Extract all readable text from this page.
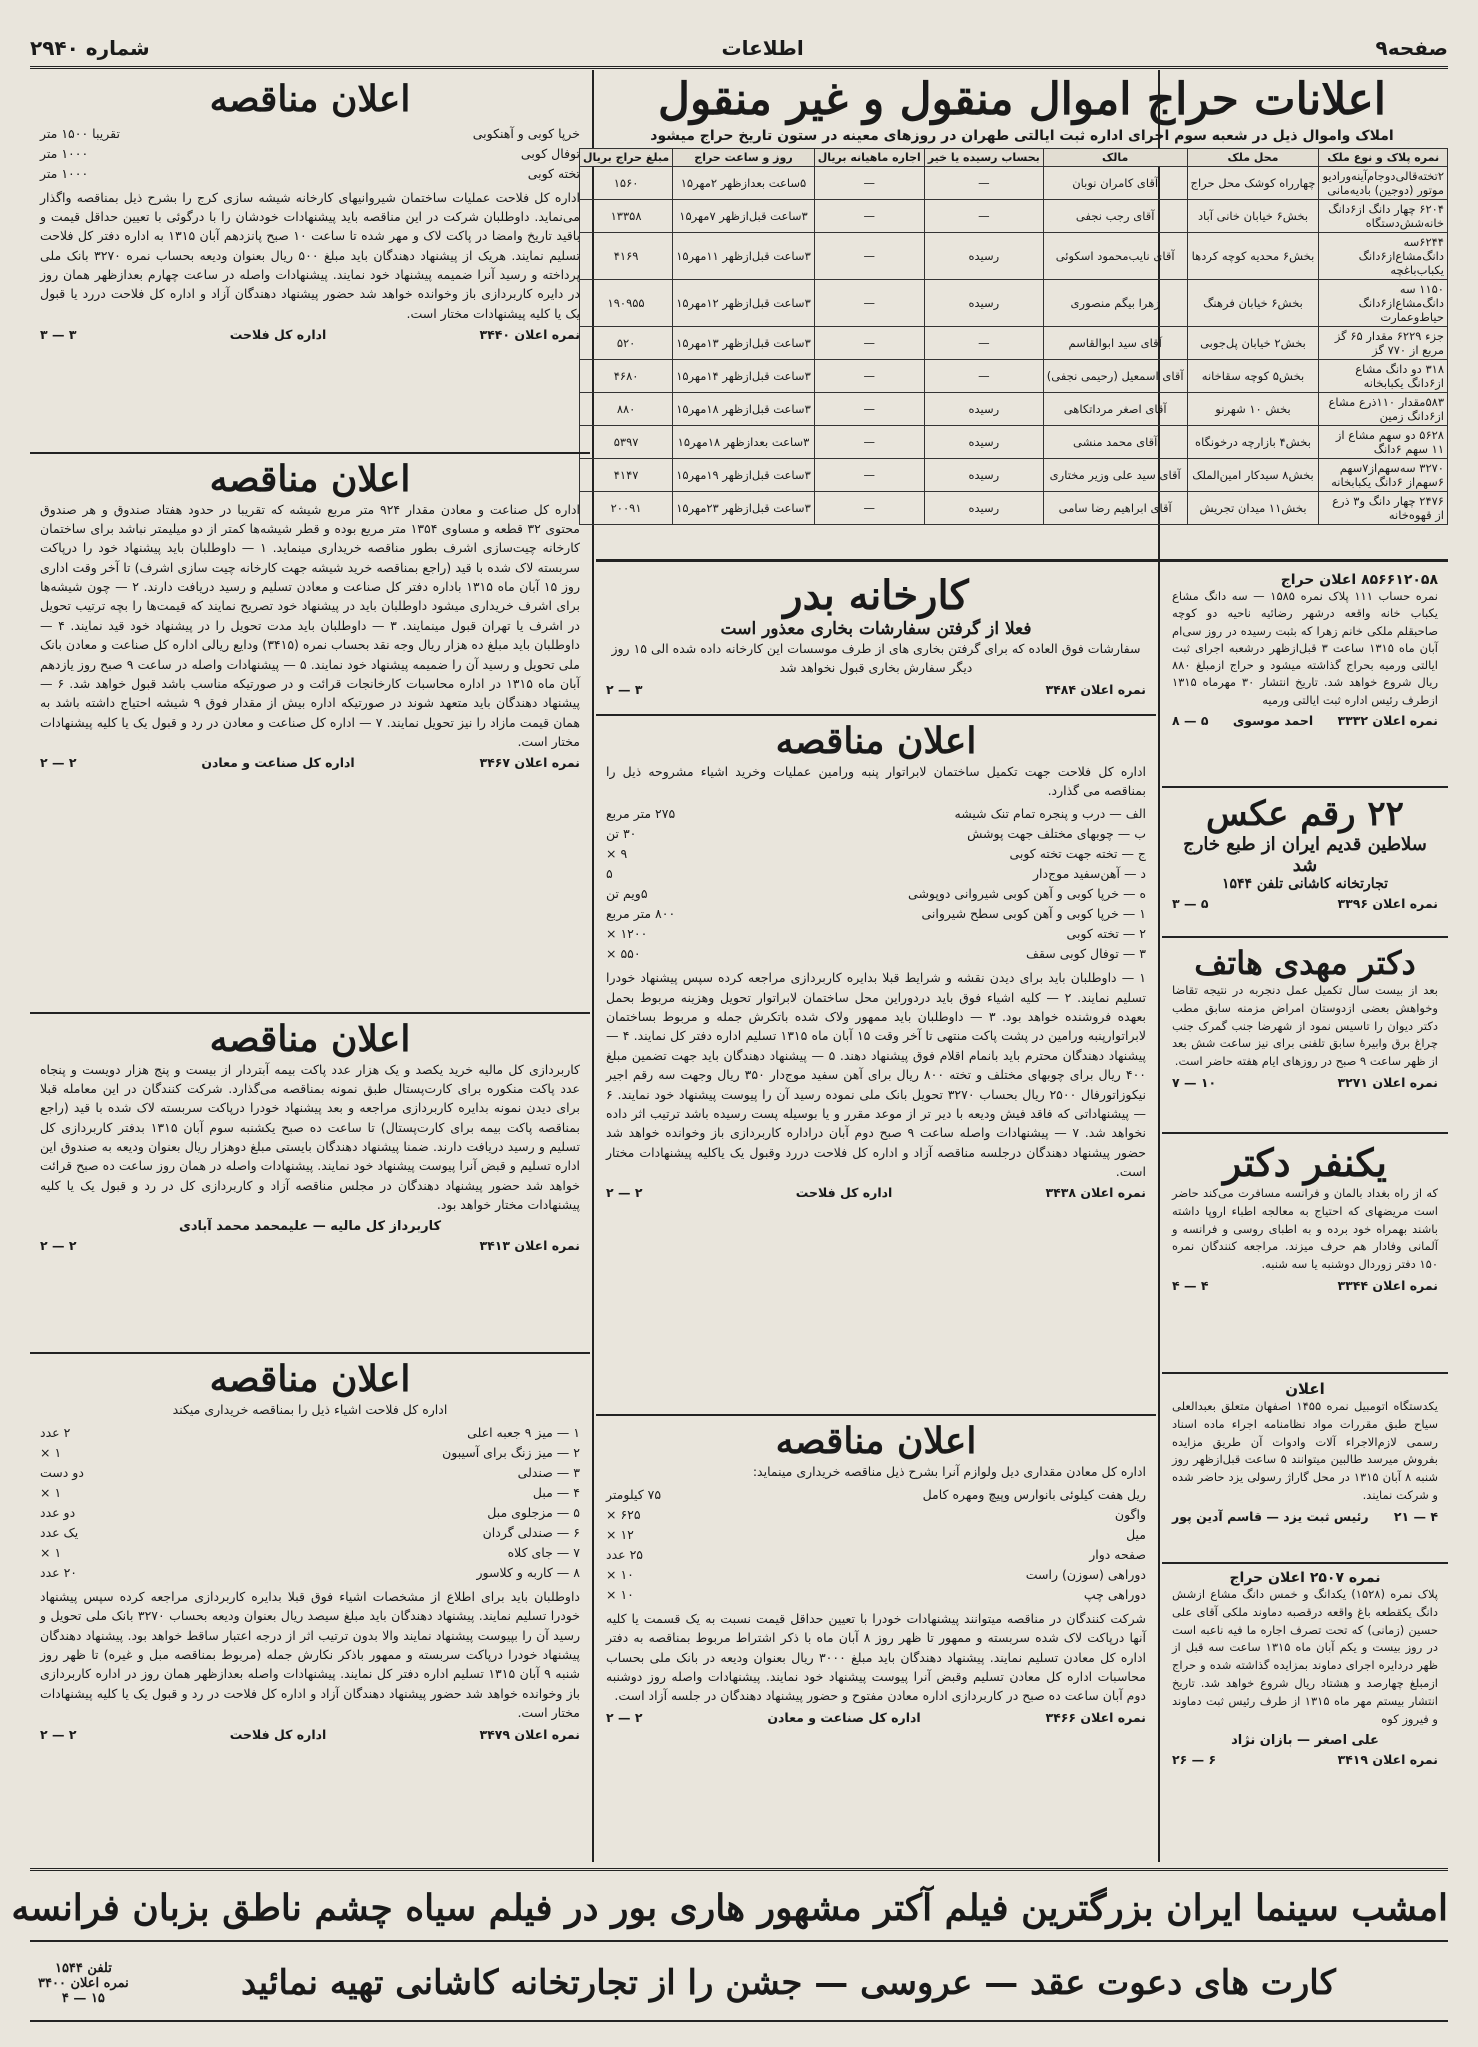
صفحه۹
اطلاعات
شماره ۲۹۴۰
اعلانات حراج اموال منقول و غیر منقول
املاک واموال ذیل در شعبه سوم اجرای اداره ثبت ایالتی طهران در روزهای معینه در ستون تاریخ حراج میشود
نمره پلاک و نوع ملک	محل ملک	مالک	بحساب رسیده یا خیر	اجاره ماهیانه بریال	روز و ساعت حراج	مبلغ حراج بریال
۲تخته‌قالی‌دوجام‌آینه‌ورادیو موتور (دوجین) بادیه‌مانی	چهارراه کوشک محل حراج	آقای کامران نوبان	—	—	۵ساعت بعدازظهر ۲مهر۱۵	۱۵۶۰
۶۲۰۴ چهار دانگ از۶دانگ خانه‌شش‌دستگاه	بخش۶ خیابان خانی آباد	آقای رجب نجفی	—	—	۳ساعت قبل‌ازظهر ۷مهر۱۵	۱۳۳۵۸
۶۲۴۴سه دانگ‌مشاع‌از۶دانگ یکباب‌باغچه	بخش۶ محدیه کوچه کردها	آقای نایب‌محمود اسکوئی	رسیده	—	۳ساعت قبل‌ازظهر ۱۱مهر۱۵	۴۱۶۹
۱۱۵۰ سه دانگ‌مشاع‌از۶دانگ حیاط‌وعمارت	بخش۶ خیابان فرهنگ	زهرا بیگم منصوری	رسیده	—	۳ساعت قبل‌ازظهر ۱۲مهر۱۵	۱۹۰۹۵۵
جزء ۶۲۲۹ مقدار ۶۵ گز مربع از ۷۷۰ گز	بخش۲ خیابان پل‌جوبی	آقای سید ابوالقاسم	—	—	۳ساعت قبل‌ازظهر ۱۳مهر۱۵	۵۲۰
۳۱۸ دو دانگ مشاع از۶دانگ یکبابخانه	بخش۵ کوچه سقاخانه	آقای اسمعیل (رحیمی نجفی)	—	—	۳ساعت قبل‌ازظهر ۱۴مهر۱۵	۴۶۸۰
۵۸۳مقدار ۱۱۰ذرع مشاع از۶دانگ زمین	بخش ۱۰ شهرنو	آقای اصغر مرداتکاهی	رسیده	—	۳ساعت قبل‌ازظهر ۱۸مهر۱۵	۸۸۰
۵۶۲۸ دو سهم مشاع از ۱۱ سهم ۶دانگ	بخش۴ بازارچه درخونگاه	آقای محمد منشی	رسیده	—	۳ساعت بعدازظهر ۱۸مهر۱۵	۵۳۹۷
۳۲۷۰ سه‌سهم‌از۷سهم ۶سهم‌از ۶دانگ یکبابخانه	بخش۸ سیدکار امین‌الملک	آقای سید علی وزیر مختاری	رسیده	—	۳ساعت قبل‌ازظهر ۱۹مهر۱۵	۴۱۴۷
۲۴۷۶ چهار دانگ و۳ ذرع از قهوه‌خانه	بخش۱۱ میدان تجریش	آقای ابراهیم رضا سامی	رسیده	—	۳ساعت قبل‌ازظهر ۲۳مهر۱۵	۲۰۰۹۱
۸۵۶۶۱۲۰۵۸ اعلان حراج
نمره حساب ۱۱۱ پلاک نمره ۱۵۸۵ — سه دانگ مشاع یکباب خانه واقعه درشهر رضائیه ناحیه دو کوچه صاحبقلم ملکی خانم زهرا که بثبت رسیده در روز سی‌ام آبان ماه ۱۳۱۵ ساعت ۳ قبل‌ازظهر درشعبه اجرای ثبت ایالتی ورمیه بحراج گذاشته میشود و حراج ازمبلغ ۸۸۰ ریال شروع خواهد شد. تاریخ انتشار ۳۰ مهرماه ۱۳۱۵ ازطرف رئیس اداره ثبت ایالتی ورمیه
نمره اعلان ۳۳۳۲
احمد موسوی
۵ — ۸
۲۲ رقم عکس
سلاطین قدیم ایران از طبع خارج شد
تجارتخانه کاشانی تلفن ۱۵۴۴
نمره اعلان ۳۳۹۶
۵ — ۳
دکتر مهدی هاتف
بعد از بیست سال تکمیل عمل دنجربه در نتیجه تقاضا وخواهش بعضی ازدوستان امراض مزمنه سابق مطب دکتر دیوان را تاسیس نمود از شهرضا جنب گمرک جنب چراغ برق وابیرهٔ سابق تلفنی برای نیز ساعت شش بعد از ظهر ساعت ۹ صبح در روزهای ایام هفته حاضر است.
نمره اعلان ۳۲۷۱
۱۰ — ۷
یکنفر دکتر
که از راه بغداد بالمان و فرانسه مسافرت می‌کند حاضر است مریضهای که احتیاج به معالجه اطباء اروپا داشته باشند بهمراه خود برده و به اطبای روسی و فرانسه و آلمانی وفادار هم حرف میزند. مراجعه کنندگان نمره ۱۵۰ دفتر زوردال دوشنبه یا سه شنبه.
نمره اعلان ۳۳۴۴
۴ — ۴
اعلان
یکدستگاه اتومبیل نمره ۱۴۵۵ اصفهان متعلق بعبدالعلی سیاح طبق مقررات مواد نظامنامه اجراء ماده اسناد رسمی لازم‌الاجراء آلات وادوات آن طریق مزایده بفروش میرسد طالبین میتوانند ۵ ساعت قبل‌ازظهر روز شنبه ۸ آبان ۱۳۱۵ در محل گاراژ رسولی یزد حاضر شده و شرکت نمایند.
۴ — ۲۱
رئیس ثبت یزد — قاسم آدین پور
نمره ۲۵۰۷ اعلان حراج
پلاک نمره (۱۵۲۸) یکدانگ و خمس دانگ مشاع ازشش دانگ یکقطعه باغ واقعه درقصبه دماوند ملکی آقای علی حسین (زمانی) که تحت تصرف اجاره ما فیه ناعبه است در روز بیست و یکم آبان ماه ۱۳۱۵ ساعت سه قبل از ظهر دردایره اجرای دماوند بمزایده گذاشته شده و حراج ازمبلغ چهارصد و هشتاد ریال شروع خواهد شد. تاریخ انتشار بیستم مهر ماه ۱۳۱۵ از طرف رئیس ثبت دماوند و فیروز کوه
علی اصغر — بازان نژاد
نمره اعلان ۳۴۱۹
۶ — ۲۶
کارخانه بدر
فعلا از گرفتن سفارشات بخاری معذور است
سفارشات فوق العاده که برای گرفتن بخاری های از طرف موسسات این کارخانه داده شده الی ۱۵ روز دیگر سفارش بخاری قبول نخواهد شد
نمره اعلان ۳۴۸۴
۳ — ۲
اعلان مناقصه
اداره کل فلاحت جهت تکمیل ساختمان لابراتوار پنبه ورامین عملیات وخرید اشیاء مشروحه ذیل را بمناقصه می گذارد.
الف — درب و پنجره تمام تنک شیشه
۲۷۵ متر مربع
ب — چوبهای مختلف جهت پوشش
۳۰ تن
ج — تخته جهت تخته کوبی
۹ ×
د — آهن‌سفید موج‌دار
۵
ه — خرپا کوبی و آهن کوبی شیروانی دوپوشی
۵ویم تن
۱ — خرپا کوبی و آهن کوبی سطح شیروانی
۸۰۰ متر مربع
۲ — تخته کوبی
۱۲۰۰ ×
۳ — توفال کوبی سقف
۵۵۰ ×
۱ — داوطلبان باید برای دیدن نقشه و شرایط قبلا بدایره کاربردازی مراجعه کرده سپس پیشنهاد خودرا تسلیم نمایند. ۲ — کلیه اشیاء فوق باید دردوراین محل ساختمان لابراتوار تحویل وهزینه مربوط بحمل بعهده فروشنده خواهد بود. ۳ — داوطلبان باید ممهور ولاک شده باتکرش جمله و مربوط بساختمان لابراتوارپنبه ورامین در پشت پاکت منتهی تا آخر وقت ۱۵ آبان ماه ۱۳۱۵ تسلیم اداره دفتر کل نمایند. ۴ — پیشنهاد دهندگان محترم باید بانمام اقلام فوق پیشنهاد دهند. ۵ — پیشنهاد دهندگان باید جهت تضمین مبلغ ۴۰۰ ریال برای چوبهای مختلف و تخته ۸۰۰ ریال برای آهن سفید موج‌دار ۳۵۰ ریال وجهت سه رقم اجیر نیکوزاتورفال ۲۵۰۰ ریال بحساب ۳۲۷۰ تحویل بانک ملی نموده رسید آن را پیوست پیشنهاد خود نمایند. ۶ — پیشنهاداتی که فاقد فیش ودیعه با دیر تر از موعد مقرر و یا بوسیله پست رسیده باشد ترتیب اثر داده نخواهد شد. ۷ — پیشنهادات واصله ساعت ۹ صبح دوم آبان دراداره کاربردازی باز وخوانده خواهد شد حضور پیشنهاد دهندگان درجلسه مناقصه آزاد و اداره کل فلاحت دررد وقبول یک یاکلیه پیشنهادات مختار است.
نمره اعلان ۳۴۳۸
اداره کل فلاحت
۲ — ۲
اعلان مناقصه
اداره کل معادن مقداری دیل ولوازم آنرا بشرح ذیل مناقصه خریداری مینماید:
ریل هفت کیلوئی بانوارس وپیچ ومهره کامل
۷۵ کیلومتر
واگون
۶۲۵ ×
میل
۱۲ ×
صفحه دوار
۲۵ عدد
دوراهی (سوزن) راست
۱۰ ×
دوراهی چپ
۱۰ ×
شرکت کنندگان در مناقصه میتوانند پیشنهادات خودرا با تعیین حداقل قیمت نسبت به یک قسمت یا کلیه آنها درپاکت لاک شده سربسته و ممهور تا ظهر روز ۸ آبان ماه با ذکر اشتراط مربوط بمناقصه به دفتر اداره کل معادن تسلیم نمایند. پیشنهاد دهندگان باید مبلغ ۳۰۰۰ ریال بعنوان ودیعه در بانک ملی بحساب محاسبات اداره کل معادن تسلیم وقبض آنرا پیوست پیشنهاد خود نمایند. پیشنهادات واصله روز دوشنبه دوم آبان ساعت ده صبح در کاربردازی اداره معادن مفتوح و حضور پیشنهاد دهندگان در جلسه آزاد است.
نمره اعلان ۳۴۶۶
اداره کل صناعت و معادن
۲ — ۲
اعلان مناقصه
خرپا کوبی و آهنکوبی
تقریبا ۱۵۰۰ متر
توفال کوبی
۱۰۰۰ متر
تخته کوبی
۱۰۰۰ متر
اداره کل فلاحت عملیات ساختمان شیروانیهای کارخانه شیشه سازی کرج را بشرح ذیل بمناقصه واگذار می‌نماید. داوطلبان شرکت در این مناقصه باید پیشنهادات خودشان را با درگوئی با تعیین حداقل قیمت و باقید تاریخ وامضا در پاکت لاک و مهر شده تا ساعت ۱۰ صبح پانزدهم آبان ۱۳۱۵ به اداره دفتر کل فلاحت تسلیم نمایند. هریک از پیشنهاد دهندگان باید مبلغ ۵۰۰ ریال بعنوان ودیعه بحساب نمره ۳۲۷۰ بانک ملی پرداخته و رسید آنرا ضمیمه پیشنهاد خود نمایند. پیشنهادات واصله در ساعت چهارم بعدازظهر همان روز در دایره کاربردازی باز وخوانده خواهد شد حضور پیشنهاد دهندگان آزاد و اداره کل فلاحت دررد یا قبول یک یا کلیه پیشنهادات مختار است.
نمره اعلان ۳۴۴۰
اداره کل فلاحت
۳ — ۳
اعلان مناقصه
اداره کل صناعت و معادن مقدار ۹۲۴ متر مربع شیشه که تقریبا در حدود هفتاد صندوق و هر صندوق محتوی ۳۲ قطعه و مساوی ۱۳۵۴ متر مربع بوده و قطر شیشه‌ها کمتر از دو میلیمتر نباشد برای ساختمان کارخانه چیت‌سازی اشرف بطور مناقصه خریداری مینماید. ۱ — داوطلبان باید پیشنهاد خود را درپاکت سربسته لاک شده با قید (راجع بمناقصه خرید شیشه جهت کارخانه چیت سازی اشرف) تا آخر وقت اداری روز ۱۵ آبان ماه ۱۳۱۵ باداره دفتر کل صناعت و معادن تسلیم و رسید دریافت دارند. ۲ — چون شیشه‌ها برای اشرف خریداری میشود داوطلبان باید در پیشنهاد خود تصریح نمایند که قیمت‌ها را بچه ترتیب تحویل در اشرف یا تهران قبول مینمایند. ۳ — داوطلبان باید مدت تحویل را در پیشنهاد خود قید نمایند. ۴ — داوطلبان باید مبلغ ده هزار ریال وجه نقد بحساب نمره (۳۴۱۵) ودایع ریالی اداره کل صناعت و معادن بانک ملی تحویل و رسید آن را ضمیمه پیشنهاد خود نمایند. ۵ — پیشنهادات واصله در ساعت ۹ صبح روز یازدهم آبان ماه ۱۳۱۵ در اداره محاسبات کارخانجات قرائت و در صورتیکه مناسب باشد قبول خواهد شد. ۶ — پیشنهاد دهندگان باید متعهد شوند در صورتیکه اداره بیش از مقدار فوق ۹ شیشه احتیاج داشته باشد به همان قیمت مازاد را نیز تحویل نمایند. ۷ — اداره کل صناعت و معادن در رد و قبول یک یا کلیه پیشنهادات مختار است.
نمره اعلان ۳۴۶۷
اداره کل صناعت و معادن
۲ — ۲
اعلان مناقصه
کاربردازی کل مالیه خرید یکصد و یک هزار عدد پاکت بیمه آبتردار از بیست و پنج هزار دویست و پنجاه عدد پاکت منکوره برای کارت‌پستال طبق نمونه بمناقصه می‌گذارد. شرکت کنندگان در این معامله قبلا برای دیدن نمونه بدایره کاربردازی مراجعه و بعد پیشنهاد خودرا درپاکت سربسته لاک شده با قید (راجع بمناقصه پاکت بیمه برای کارت‌پستال) تا ساعت ده صبح یکشنبه سوم آبان ۱۳۱۵ بدفتر کاربردازی کل تسلیم و رسید دریافت دارند. ضمنا پیشنهاد دهندگان بایستی مبلغ دوهزار ریال بعنوان ودیعه به صندوق این اداره تسلیم و قبض آنرا پیوست پیشنهاد خود نمایند. پیشنهادات واصله در همان روز ساعت ده صبح قرائت خواهد شد حضور پیشنهاد دهندگان در مجلس مناقصه آزاد و کاربردازی کل در رد و قبول یک یا کلیه پیشنهادات مختار خواهد بود.
کاربرداز کل مالیه — علیمحمد محمد آبادی
نمره اعلان ۳۴۱۳
۲ — ۲
اعلان مناقصه
اداره کل فلاحت اشیاء ذیل را بمناقصه خریداری میکند
۱ — میز ۹ جعبه اعلی
۲ عدد
۲ — میز زنگ برای آسیبون
۱ ×
۳ — صندلی
دو دست
۴ — مبل
۱ ×
۵ — مزجلوی مبل
دو عدد
۶ — صندلی گردان
یک عدد
۷ — جای کلاه
۱ ×
۸ — کاربه و کلاسور
۲۰ عدد
داوطلبان باید برای اطلاع از مشخصات اشیاء فوق قبلا بدایره کاربردازی مراجعه کرده سپس پیشنهاد خودرا تسلیم نمایند. پیشنهاد دهندگان باید مبلغ سیصد ریال بعنوان ودیعه بحساب ۳۲۷۰ بانک ملی تحویل و رسید آن را بپیوست پیشنهاد نمایند والا بدون ترتیب اثر از درجه اعتبار ساقط خواهد بود. پیشنهاد دهندگان پیشنهاد خودرا درپاکت سربسته و ممهور باذکر نکارش جمله (مربوط بمناقصه مبل و غیره) تا ظهر روز شنبه ۹ آبان ۱۳۱۵ تسلیم اداره دفتر کل نمایند. پیشنهادات واصله بعدازظهر همان روز در اداره کاربردازی باز وخوانده خواهد شد حضور پیشنهاد دهندگان آزاد و اداره کل فلاحت در رد و قبول یک یا کلیه پیشنهادات مختار است.
نمره اعلان ۳۴۷۹
اداره کل فلاحت
۲ — ۲
امشب سینما ایران بزرگترین فیلم آکتر مشهور هاری بور در فیلم سیاه چشم ناطق بزبان فرانسه
کارت های دعوت عقد — عروسی — جشن را از تجارتخانه کاشانی تهیه نمائید
تلفن ۱۵۴۴
نمره اعلان ۳۴۰۰
۱۵ — ۴
